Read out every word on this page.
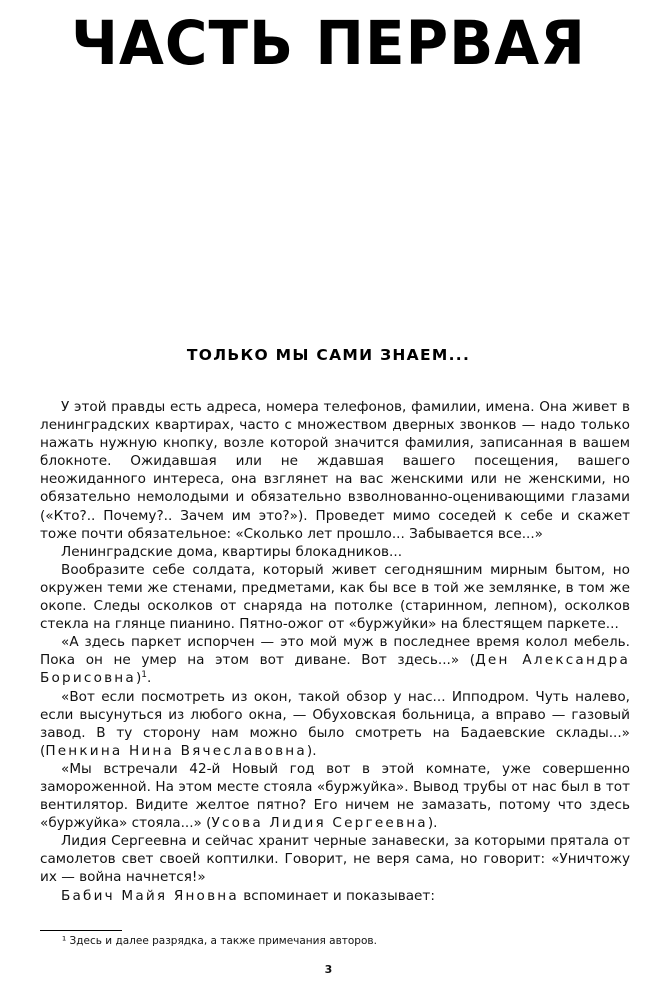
ЧАСТЬ ПЕРВАЯ
ТОЛЬКО МЫ САМИ ЗНАЕМ...

У этой правды есть адреса, номера телефонов, фамилии, имена. Она живет в ленинградских квартирах, часто с множеством дверных звонков — надо только нажать нужную кнопку, возле которой значится фамилия, записанная в вашем блокноте. Ожидавшая или не ждавшая вашего посещения, вашего неожиданного интереса, она взглянет на вас женскими или не женскими, но обязательно немолодыми и обязательно взволнованно-оценивающими глазами («Кто?.. Почему?.. Зачем им это?»). Проведет мимо соседей к себе и скажет тоже почти обязательное: «Сколько лет прошло... Забывается все...»

Ленинградские дома, квартиры блокадников...

Вообразите себе солдата, который живет сегодняшним мирным бытом, но окружен теми же стенами, предметами, как бы все в той же землянке, в том же окопе. Следы осколков от снаряда на потолке (старинном, лепном), осколков стекла на глянце пианино. Пятно-ожог от «буржуйки» на блестящем паркете...

«А здесь паркет испорчен — это мой муж в последнее время колол мебель. Пока он не умер на этом вот диване. Вот здесь...» (Ден Александра Борисовна)$^1$.

«Вот если посмотреть из окон, такой обзор у нас... Ипподром. Чуть налево, если высунуться из любого окна, — Обуховская больница, а вправо — газовый завод. В ту сторону нам можно было смотреть на Бадаевские склады...» (Пенкина Нина Вячеславовна).

«Мы встречали 42-й Новый год вот в этой комнате, уже совершенно замороженной. На этом месте стояла «буржуйка». Вывод трубы от нас был в тот вентилятор. Видите желтое пятно? Его ничем не замазать, потому что здесь «буржуйка» стояла...» (Усова Лидия Сергеевна).

Лидия Сергеевна и сейчас хранит черные занавески, за которыми прятала от самолетов свет своей коптилки. Говорит, не веря сама, но говорит: «Уничтожу их — война начнется!»

Бабич Майя Яновна вспоминает и показывает:

¹ Здесь и далее разрядка, а также примечания авторов.
3
